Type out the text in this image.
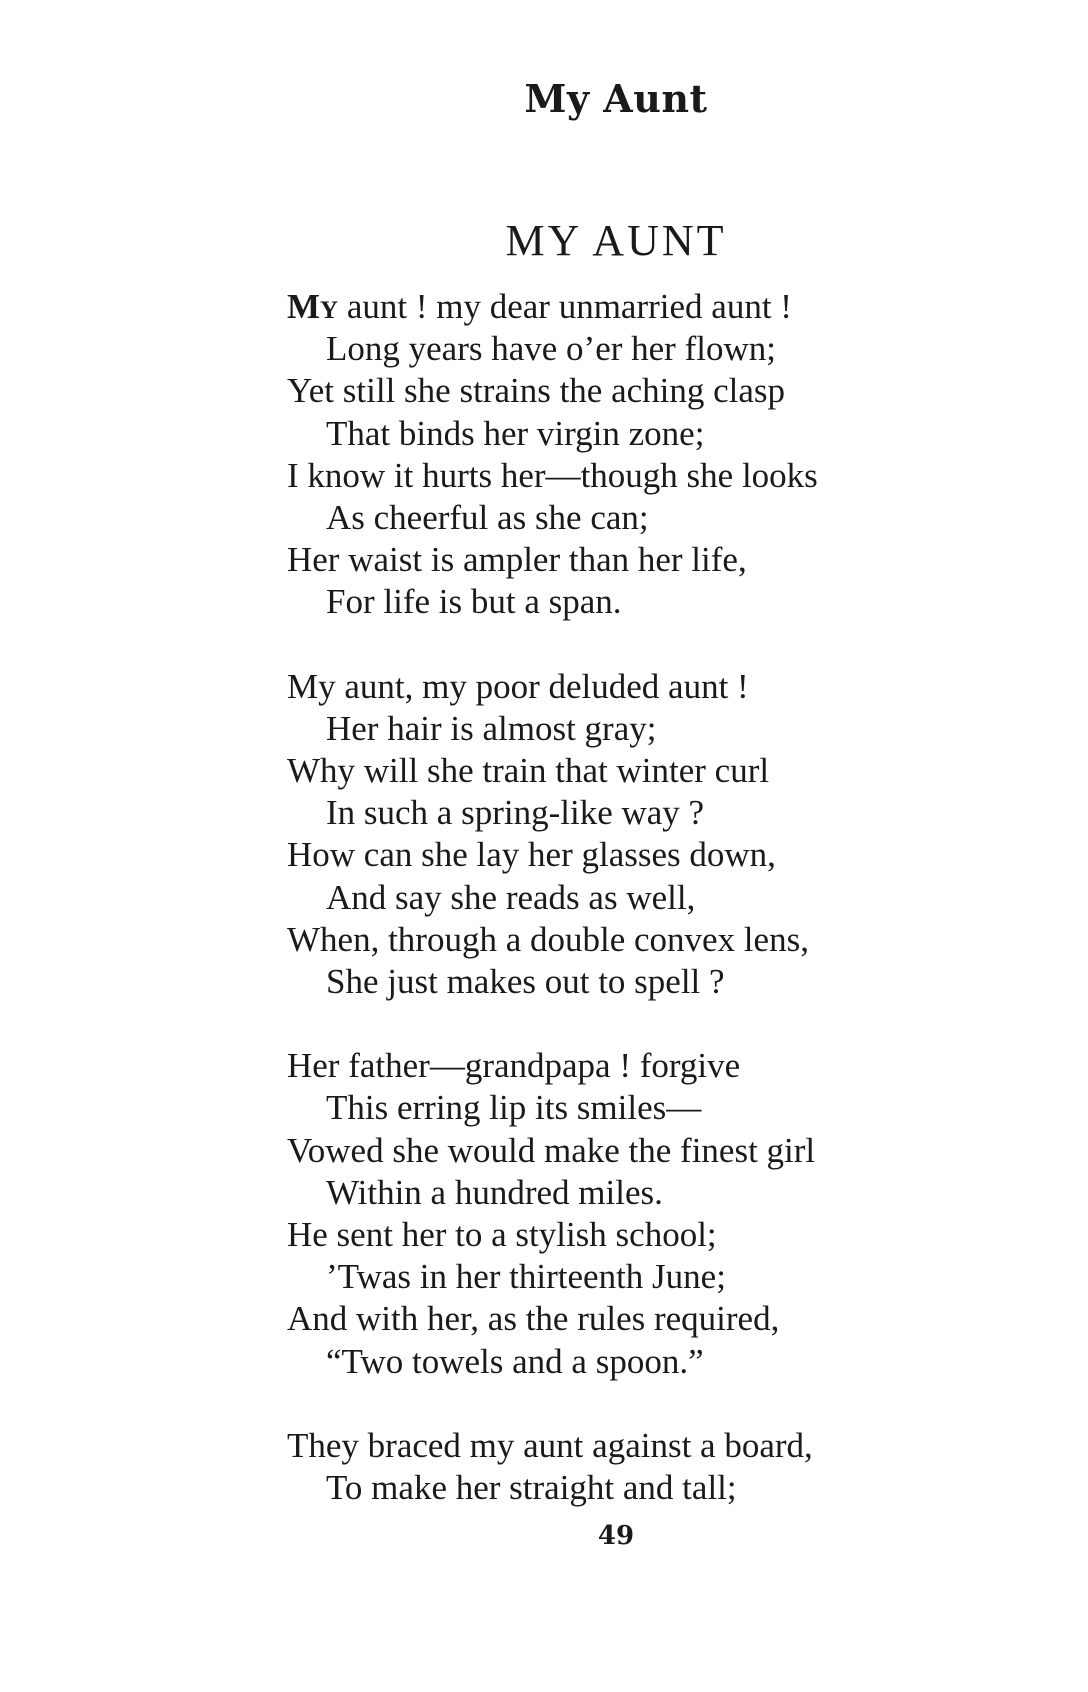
My Aunt
MY AUNT
My aunt ! my dear unmarried aunt !
Long years have o’er her flown;
Yet still she strains the aching clasp
That binds her virgin zone;
I know it hurts her—though she looks
As cheerful as she can;
Her waist is ampler than her life,
For life is but a span.
My aunt, my poor deluded aunt !
Her hair is almost gray;
Why will she train that winter curl
In such a spring-like way ?
How can she lay her glasses down,
And say she reads as well,
When, through a double convex lens,
She just makes out to spell ?
Her father—grandpapa ! forgive
This erring lip its smiles—
Vowed she would make the finest girl
Within a hundred miles.
He sent her to a stylish school;
’Twas in her thirteenth June;
And with her, as the rules required,
“Two towels and a spoon.”
They braced my aunt against a board,
To make her straight and tall;
49
